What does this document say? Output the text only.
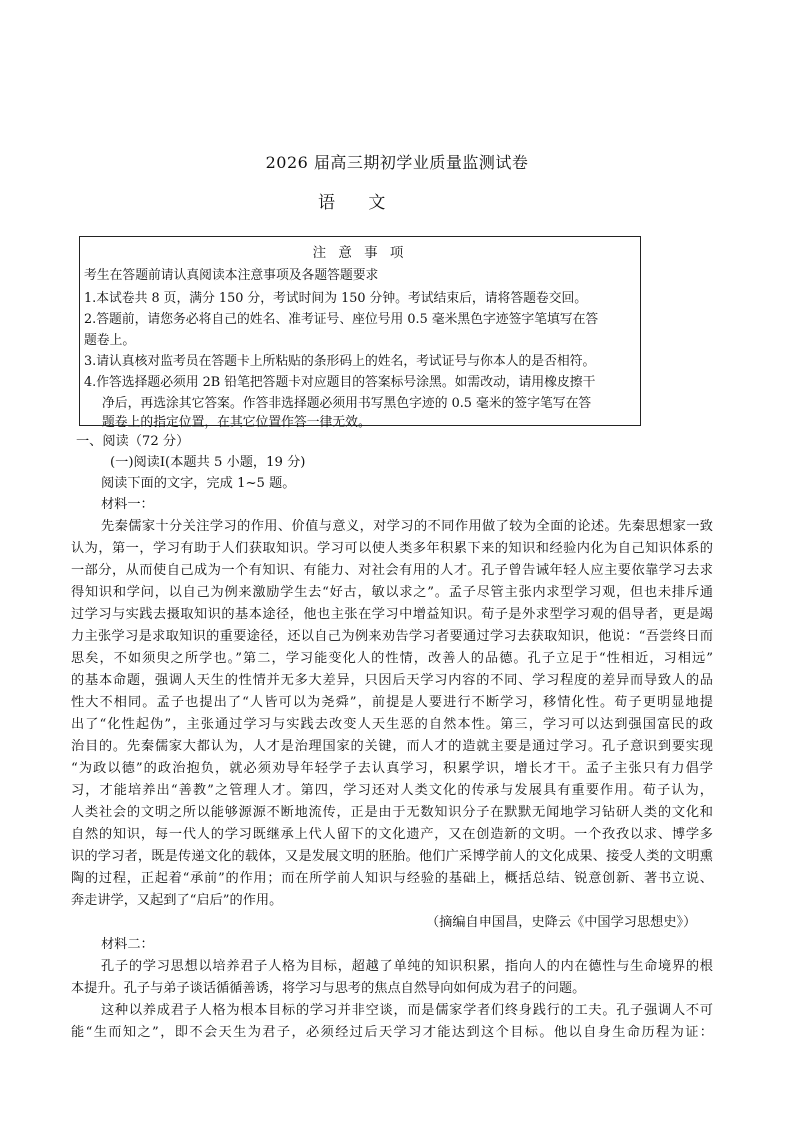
2026 届高三期初学业质量监测试卷
语 文
注 意 事 项
考生在答题前请认真阅读本注意事项及各题答题要求
1.本试卷共 8 页，满分 150 分，考试时间为 150 分钟。考试结束后，请将答题卷交回。
2.答题前，请您务必将自己的姓名、准考证号、座位号用 0.5 毫米黑色字迹签字笔填写在答
题卷上。
3.请认真核对监考员在答题卡上所粘贴的条形码上的姓名，考试证号与你本人的是否相符。
4.作答选择题必须用 2B 铅笔把答题卡对应题目的答案标号涂黑。如需改动，请用橡皮擦干
净后，再选涂其它答案。作答非选择题必须用书写黑色字迹的 0.5 毫米的签字笔写在答
题卷上的指定位置，在其它位置作答一律无效。
一、阅读（72 分）
(一)阅读Ⅰ(本题共 5 小题，19 分)
阅读下面的文字，完成 1~5 题。
材料一：
先秦儒家十分关注学习的作用、价值与意义，对学习的不同作用做了较为全面的论述。先秦思想家一致
认为，第一，学习有助于人们获取知识。学习可以使人类多年积累下来的知识和经验内化为自己知识体系的
一部分，从而使自己成为一个有知识、有能力、对社会有用的人才。孔子曾告诫年轻人应主要依靠学习去求
得知识和学问，以自己为例来激励学生去“好古，敏以求之”。孟子尽管主张内求型学习观，但也未排斥通
过学习与实践去摄取知识的基本途径，他也主张在学习中增益知识。荀子是外求型学习观的倡导者，更是竭
力主张学习是求取知识的重要途径，还以自己为例来劝告学习者要通过学习去获取知识，他说：“吾尝终日而
思矣，不如须臾之所学也。”第二，学习能变化人的性情，改善人的品德。孔子立足于“性相近，习相远”
的基本命题，强调人天生的性情并无多大差异，只因后天学习内容的不同、学习程度的差异而导致人的品
性大不相同。孟子也提出了“人皆可以为尧舜”，前提是人要进行不断学习，移情化性。荀子更明显地提
出了“化性起伪”，主张通过学习与实践去改变人天生恶的自然本性。第三，学习可以达到强国富民的政
治目的。先秦儒家大都认为，人才是治理国家的关键，而人才的造就主要是通过学习。孔子意识到要实现
“为政以德”的政治抱负，就必须劝导年轻学子去认真学习，积累学识，增长才干。孟子主张只有力倡学
习，才能培养出“善教”之管理人才。第四，学习还对人类文化的传承与发展具有重要作用。荀子认为，
人类社会的文明之所以能够源源不断地流传，正是由于无数知识分子在默默无闻地学习钻研人类的文化和
自然的知识，每一代人的学习既继承上代人留下的文化遗产，又在创造新的文明。一个孜孜以求、博学多
识的学习者，既是传递文化的载体，又是发展文明的胚胎。他们广采博学前人的文化成果、接受人类的文明熏
陶的过程，正起着“承前”的作用；而在所学前人知识与经验的基础上，概括总结、锐意创新、著书立说、
奔走讲学，又起到了“启后”的作用。
（摘编自申国昌，史降云《中国学习思想史》）
材料二：
孔子的学习思想以培养君子人格为目标，超越了单纯的知识积累，指向人的内在德性与生命境界的根
本提升。孔子与弟子谈话循循善诱，将学习与思考的焦点自然导向如何成为君子的问题。
这种以养成君子人格为根本目标的学习并非空谈，而是儒家学者们终身践行的工夫。孔子强调人不可
能“生而知之”，即不会天生为君子，必须经过后天学习才能达到这个目标。他以自身生命历程为证：
